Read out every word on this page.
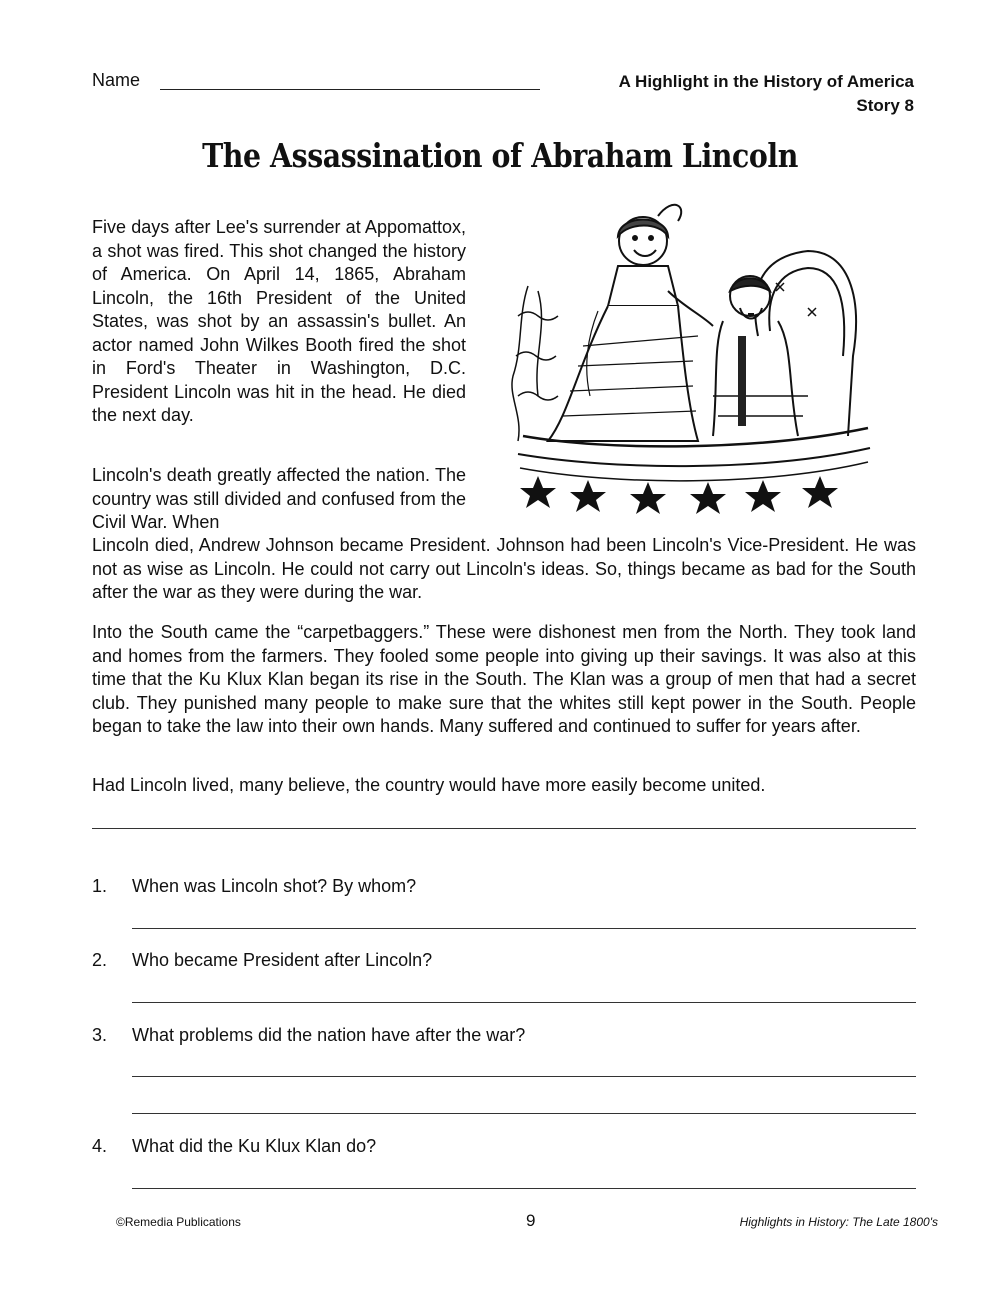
Name	A Highlight in the History of America
Story 8
The Assassination of Abraham Lincoln
Five days after Lee's surrender at Appomattox, a shot was fired. This shot changed the history of America. On April 14, 1865, Abraham Lincoln, the 16th President of the United States, was shot by an assassin's bullet. An actor named John Wilkes Booth fired the shot in Ford's Theater in Washington, D.C. President Lincoln was hit in the head. He died the next day.
Lincoln's death greatly affected the nation. The country was still divided and confused from the Civil War. When
Lincoln died, Andrew Johnson became President. Johnson had been Lincoln's Vice-President. He was not as wise as Lincoln. He could not carry out Lincoln's ideas. So, things became as bad for the South after the war as they were during the war.
Into the South came the “carpetbaggers.” These were dishonest men from the North. They took land and homes from the farmers. They fooled some people into giving up their savings. It was also at this time that the Ku Klux Klan began its rise in the South. The Klan was a group of men that had a secret club. They punished many people to make sure that the whites still kept power in the South. People began to take the law into their own hands. Many suffered and continued to suffer for years after.
Had Lincoln lived, many believe, the country would have more easily become united.
1. When was Lincoln shot? By whom?
2. Who became President after Lincoln?
3. What problems did the nation have after the war?
4. What did the Ku Klux Klan do?
©Remedia Publications	9	Highlights in History: The Late 1800's
